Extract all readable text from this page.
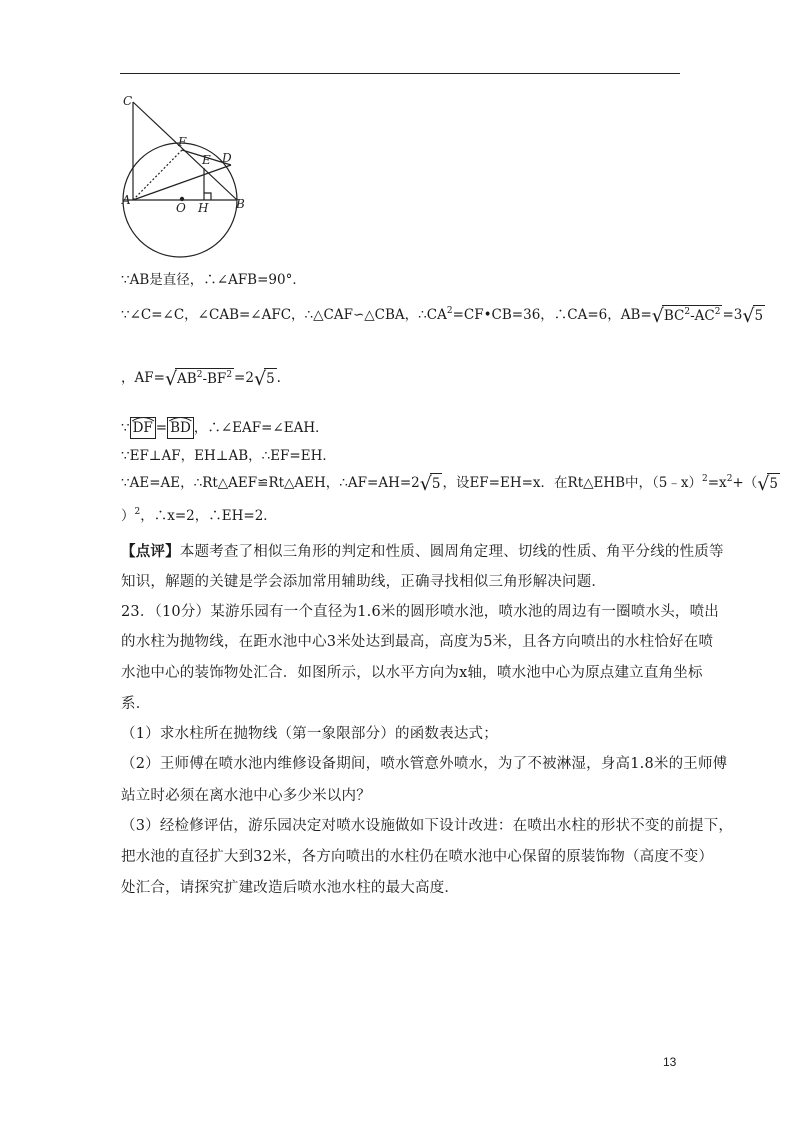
C
F
E D
A
O H B
∵AB是直径，∴∠AFB=90°．
∵∠C=∠C，∠CAB=∠AFC，∴△CAF∽△CBA，$\therefore CA^2=CF•CB=36$，∴CA=6，$AB=√BC^2-AC^2 =3√5$
，$AF=√AB^2-BF^2 =2√5$ .
∵ DF = BD ，∴∠EAF=∠EAH．
∵EF⊥AF，EH⊥AB，∴EF=EH．
∵AE=AE，∴Rt△AEF≌Rt△AEH，∴AF=AH=2√5 ，设EF=EH=x．在Rt△EHB中，$(5﹣x)^2=x^2+(√5$
）$^2$，∴x=2，∴EH=2．
【点评】本题考查了相似三角形的判定和性质、圆周角定理、切线的性质、角平分线的性质等
知识，解题的关键是学会添加常用辅助线，正确寻找相似三角形解决问题．
23．（10分）某游乐园有一个直径为1.6米的圆形喷水池，喷水池的周边有一圈喷水头，喷出
的水柱为抛物线，在距水池中心3米处达到最高，高度为5米，且各方向喷出的水柱恰好在喷
水池中心的装饰物处汇合．如图所示，以水平方向为x轴，喷水池中心为原点建立直角坐标
系．
（1）求水柱所在抛物线（第一象限部分）的函数表达式；
（2）王师傅在喷水池内维修设备期间，喷水管意外喷水，为了不被淋湿，身高1.8米的王师傅
站立时必须在离水池中心多少米以内？
（3）经检修评估，游乐园决定对喷水设施做如下设计改进：在喷出水柱的形状不变的前提下，
把水池的直径扩大到32米，各方向喷出的水柱仍在喷水池中心保留的原装饰物（高度不变）
处汇合，请探究扩建改造后喷水池水柱的最大高度．
13
